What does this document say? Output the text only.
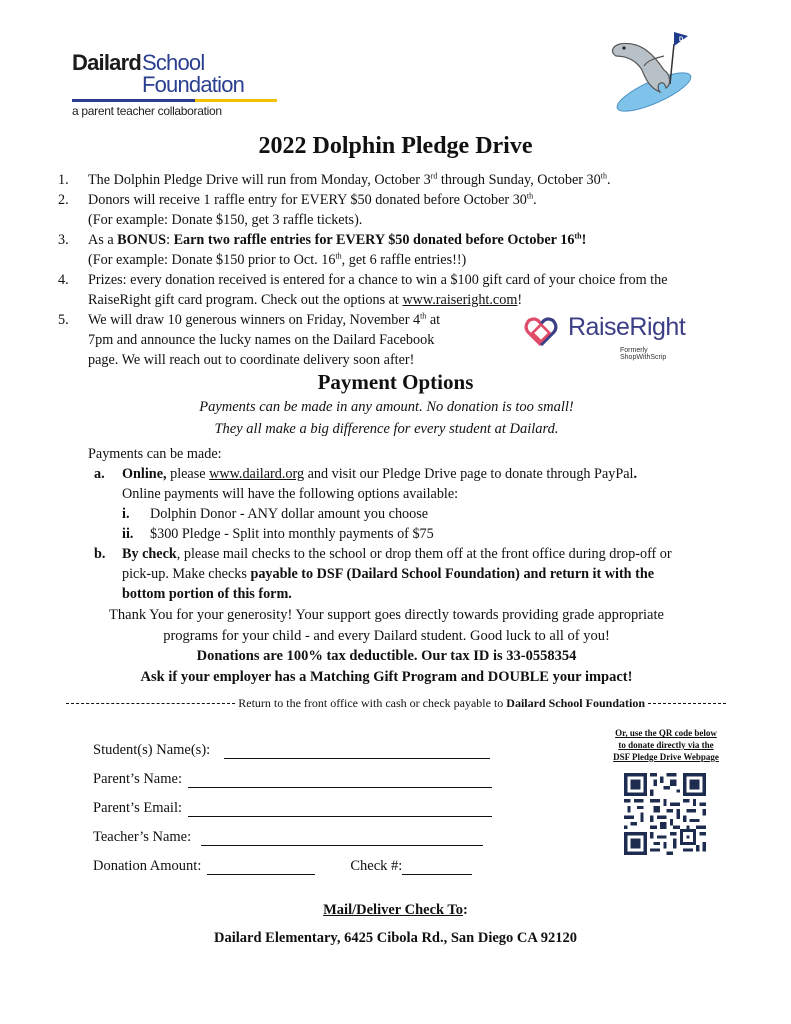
Dailard School Foundation
a parent teacher collaboration
D
2022 Dolphin Pledge Drive
1.	The Dolphin Pledge Drive will run from Monday, October 3rd through Sunday, October 30th.
2.	Donors will receive 1 raffle entry for EVERY $50 donated before October 30th.
(For example: Donate $150, get 3 raffle tickets).
3.	As a BONUS: Earn two raffle entries for EVERY $50 donated before October 16th!
(For example: Donate $150 prior to Oct. 16th, get 6 raffle entries!!)
4.	Prizes: every donation received is entered for a chance to win a $100 gift card of your choice from the
RaiseRight gift card program. Check out the options at www.raiseright.com!
5.	We will draw 10 generous winners on Friday, November 4th at
7pm and announce the lucky names on the Dailard Facebook
page. We will reach out to coordinate delivery soon after!
RaiseRight
Formerly ShopWithScrip
Payment Options
Payments can be made in any amount. No donation is too small!
They all make a big difference for every student at Dailard.
Payments can be made:
a.	Online, please www.dailard.org and visit our Pledge Drive page to donate through PayPal.
Online payments will have the following options available:
i.	Dolphin Donor - ANY dollar amount you choose
ii.	$300 Pledge - Split into monthly payments of $75
b.	By check, please mail checks to the school or drop them off at the front office during drop-off or
pick-up. Make checks payable to DSF (Dailard School Foundation) and return it with the
bottom portion of this form.
Thank You for your generosity! Your support goes directly towards providing grade appropriate
programs for your child - and every Dailard student. Good luck to all of you!
Donations are 100% tax deductible. Our tax ID is 33-0558354
Ask if your employer has a Matching Gift Program and DOUBLE your impact!
Return to the front office with cash or check payable to Dailard School Foundation
Student(s) Name(s):
Parent’s Name:
Parent’s Email:
Teacher’s Name:
Donation Amount:	Check #:
Or, use the QR code below
to donate directly via the
DSF Pledge Drive Webpage
Mail/Deliver Check To:
Dailard Elementary, 6425 Cibola Rd., San Diego CA 92120
